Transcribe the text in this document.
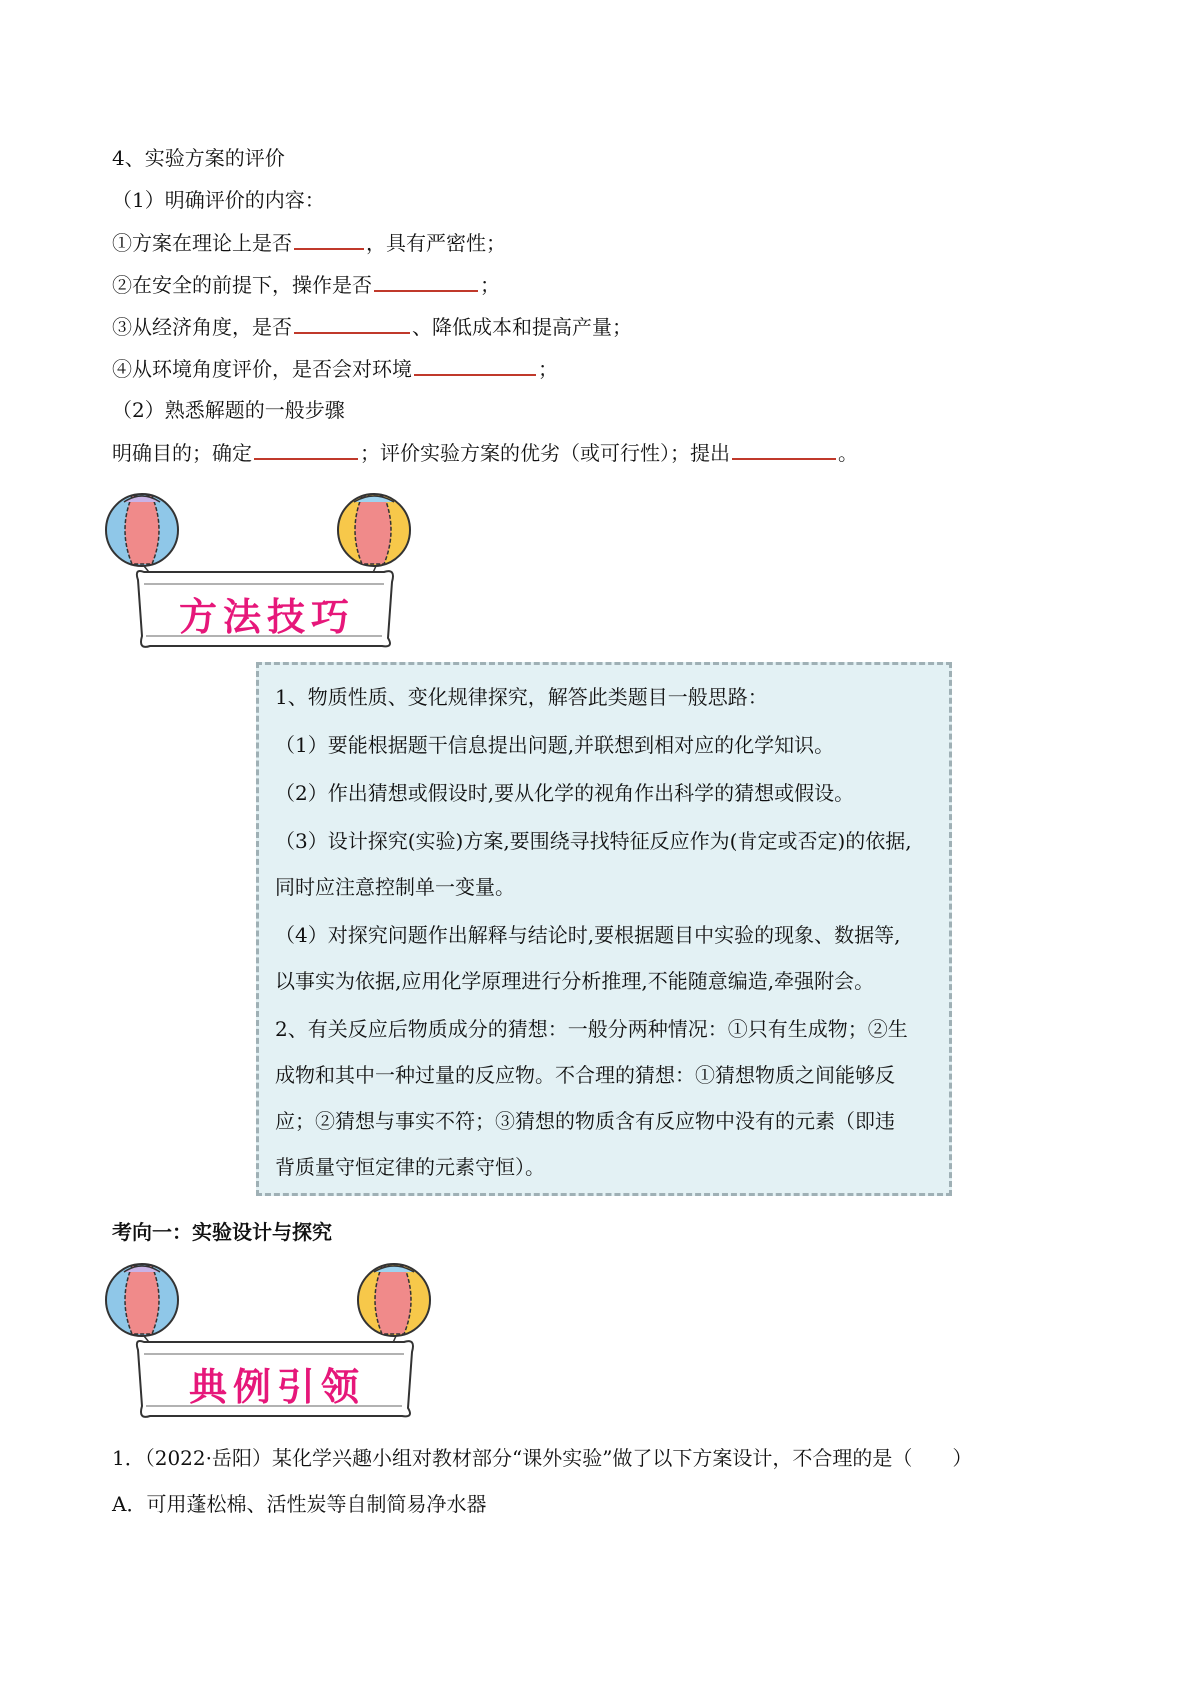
4、实验方案的评价
（1）明确评价的内容：
①方案在理论上是否	，具有严密性；
②在安全的前提下，操作是否	；
③从经济角度，是否	、降低成本和提高产量；
④从环境角度评价，是否会对环境	；
（2）熟悉解题的一般步骤
明确目的；确定	；评价实验方案的优劣（或可行性）；提出	。
方法技巧
1、物质性质、变化规律探究，解答此类题目一般思路：
（1）要能根据题干信息提出问题,并联想到相对应的化学知识。
（2）作出猜想或假设时,要从化学的视角作出科学的猜想或假设。
（3）设计探究(实验)方案,要围绕寻找特征反应作为(肯定或否定)的依据,
同时应注意控制单一变量。
（4）对探究问题作出解释与结论时,要根据题目中实验的现象、数据等,
以事实为依据,应用化学原理进行分析推理,不能随意编造,牵强附会。
2、有关反应后物质成分的猜想：一般分两种情况：①只有生成物；②生
成物和其中一种过量的反应物。不合理的猜想：①猜想物质之间能够反
应；②猜想与事实不符；③猜想的物质含有反应物中没有的元素（即违
背质量守恒定律的元素守恒）。
考向一：实验设计与探究
典例引领
1．（2022·岳阳）某化学兴趣小组对教材部分“课外实验”做了以下方案设计，不合理的是（　　）
A．可用蓬松棉、活性炭等自制简易净水器
